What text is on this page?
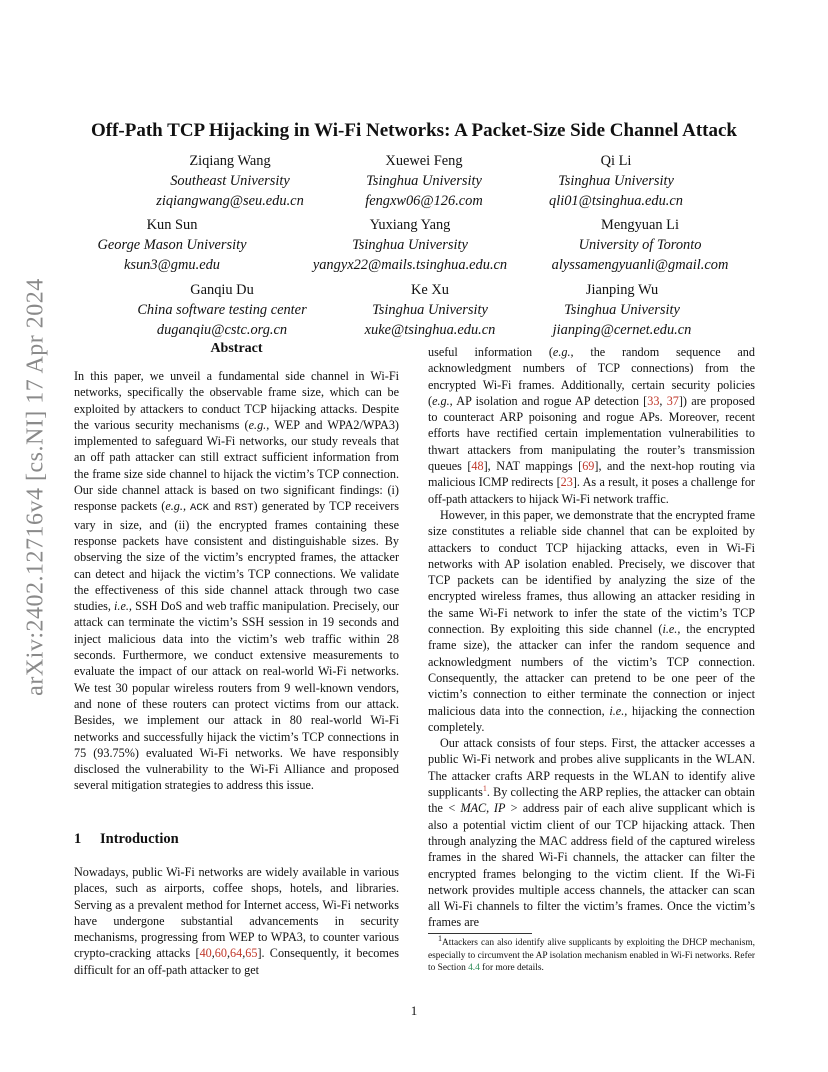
arXiv:2402.12716v4 [cs.NI] 17 Apr 2024
Off-Path TCP Hijacking in Wi-Fi Networks: A Packet-Size Side Channel Attack
Ziqiang Wang
Southeast University
ziqiangwang@seu.edu.cn
Xuewei Feng
Tsinghua University
fengxw06@126.com
Qi Li
Tsinghua University
qli01@tsinghua.edu.cn
Kun Sun
George Mason University
ksun3@gmu.edu
Yuxiang Yang
Tsinghua University
yangyx22@mails.tsinghua.edu.cn
Mengyuan Li
University of Toronto
alyssamengyuanli@gmail.com
Ganqiu Du
China software testing center
duganqiu@cstc.org.cn
Ke Xu
Tsinghua University
xuke@tsinghua.edu.cn
Jianping Wu
Tsinghua University
jianping@cernet.edu.cn
Abstract

In this paper, we unveil a fundamental side channel in Wi-Fi networks, specifically the observable frame size, which can be exploited by attackers to conduct TCP hijacking attacks. Despite the various security mechanisms (e.g., WEP and WPA2/WPA3) implemented to safeguard Wi-Fi networks, our study reveals that an off path attacker can still extract sufficient information from the frame size side channel to hijack the victim’s TCP connection. Our side channel attack is based on two significant findings: (i) response packets (e.g., ACK and RST) generated by TCP receivers vary in size, and (ii) the encrypted frames containing these response packets have consistent and distinguishable sizes. By observing the size of the victim’s encrypted frames, the attacker can detect and hijack the victim’s TCP connections. We validate the effectiveness of this side channel attack through two case studies, i.e., SSH DoS and web traffic manipulation. Precisely, our attack can terminate the victim’s SSH session in 19 seconds and inject malicious data into the victim’s web traffic within 28 seconds. Furthermore, we conduct extensive measurements to evaluate the impact of our attack on real-world Wi-Fi networks. We test 30 popular wireless routers from 9 well-known vendors, and none of these routers can protect victims from our attack. Besides, we implement our attack in 80 real-world Wi-Fi networks and successfully hijack the victim’s TCP connections in 75 (93.75%) evaluated Wi-Fi networks. We have responsibly disclosed the vulnerability to the Wi-Fi Alliance and proposed several mitigation strategies to address this issue.

1 Introduction

Nowadays, public Wi-Fi networks are widely available in various places, such as airports, coffee shops, hotels, and libraries. Serving as a prevalent method for Internet access, Wi-Fi networks have undergone substantial advancements in security mechanisms, progressing from WEP to WPA3, to counter various crypto-cracking attacks [40,60,64,65]. Consequently, it becomes difficult for an off-path attacker to get

useful information (e.g., the random sequence and acknowledgment numbers of TCP connections) from the encrypted Wi-Fi frames. Additionally, certain security policies (e.g., AP isolation and rogue AP detection [33, 37]) are proposed to counteract ARP poisoning and rogue APs. Moreover, recent efforts have rectified certain implementation vulnerabilities to thwart attackers from manipulating the router’s transmission queues [48], NAT mappings [69], and the next-hop routing via malicious ICMP redirects [23]. As a result, it poses a challenge for off-path attackers to hijack Wi-Fi network traffic.

However, in this paper, we demonstrate that the encrypted frame size constitutes a reliable side channel that can be exploited by attackers to conduct TCP hijacking attacks, even in Wi-Fi networks with AP isolation enabled. Precisely, we discover that TCP packets can be identified by analyzing the size of the encrypted wireless frames, thus allowing an attacker residing in the same Wi-Fi network to infer the state of the victim’s TCP connection. By exploiting this side channel (i.e., the encrypted frame size), the attacker can infer the random sequence and acknowledgment numbers of the victim’s TCP connection. Consequently, the attacker can pretend to be one peer of the victim’s connection to either terminate the connection or inject malicious data into the connection, i.e., hijacking the connection completely.

Our attack consists of four steps. First, the attacker accesses a public Wi-Fi network and probes alive supplicants in the WLAN. The attacker crafts ARP requests in the WLAN to identify alive supplicants$^1$. By collecting the ARP replies, the attacker can obtain the < MAC, IP > address pair of each alive supplicant which is also a potential victim client of our TCP hijacking attack. Then through analyzing the MAC address field of the captured wireless frames in the shared Wi-Fi channels, the attacker can filter the encrypted frames belonging to the victim client. If the Wi-Fi network provides multiple access channels, the attacker can scan all Wi-Fi channels to filter the victim’s frames. Once the victim’s frames are

$^1$Attackers can also identify alive supplicants by exploiting the DHCP mechanism, especially to circumvent the AP isolation mechanism enabled in Wi-Fi networks. Refer to Section 4.4 for more details.
1
